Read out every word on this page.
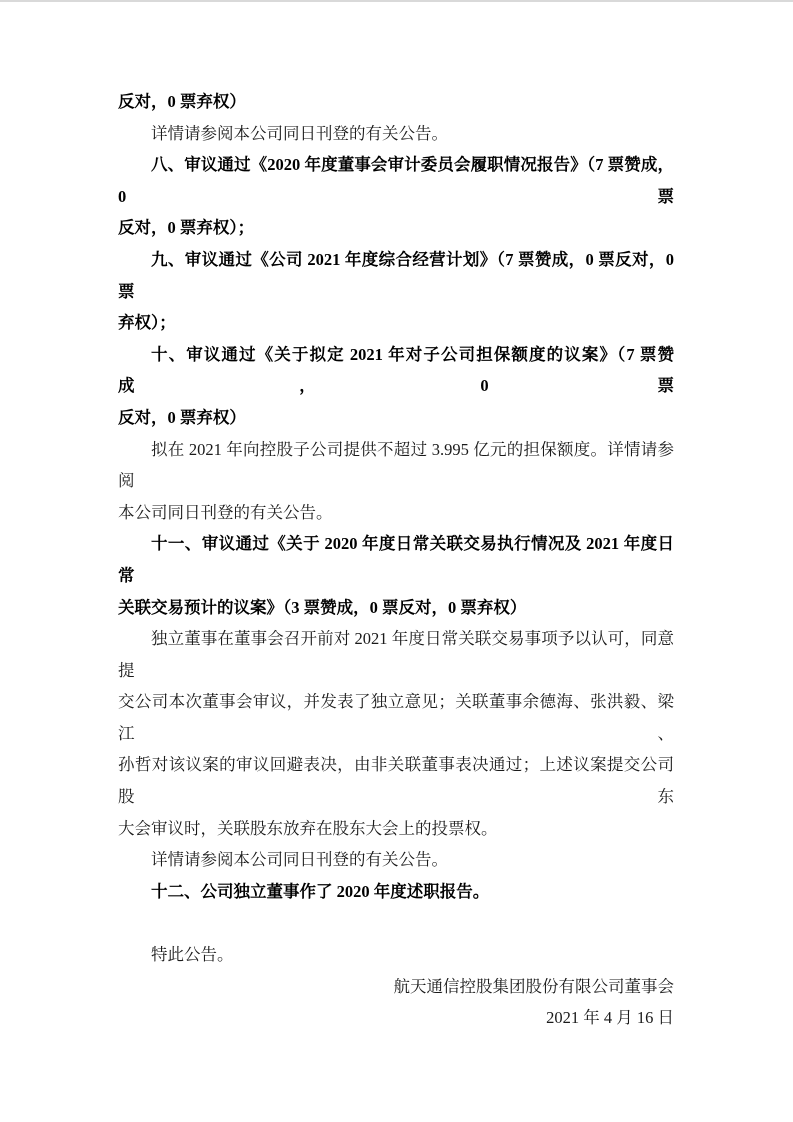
反对，0 票弃权）
详情请参阅本公司同日刊登的有关公告。
八、审议通过《2020 年度董事会审计委员会履职情况报告》（7 票赞成，0 票
反对，0 票弃权）；
九、审议通过《公司 2021 年度综合经营计划》（7 票赞成，0 票反对，0 票
弃权）；
十、审议通过《关于拟定 2021 年对子公司担保额度的议案》（7 票赞成，0 票
反对，0 票弃权）
拟在 2021 年向控股子公司提供不超过 3.995 亿元的担保额度。详情请参阅
本公司同日刊登的有关公告。
十一、审议通过《关于 2020 年度日常关联交易执行情况及 2021 年度日常
关联交易预计的议案》（3 票赞成，0 票反对，0 票弃权）
独立董事在董事会召开前对 2021 年度日常关联交易事项予以认可，同意提
交公司本次董事会审议，并发表了独立意见；关联董事余德海、张洪毅、梁江、
孙哲对该议案的审议回避表决，由非关联董事表决通过；上述议案提交公司股东
大会审议时，关联股东放弃在股东大会上的投票权。
详情请参阅本公司同日刊登的有关公告。
十二、公司独立董事作了 2020 年度述职报告。
特此公告。
航天通信控股集团股份有限公司董事会
2021 年 4 月 16 日
